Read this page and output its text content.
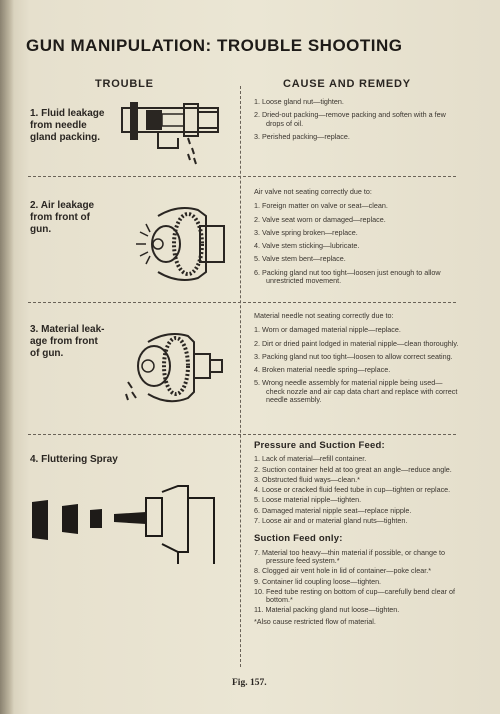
GUN MANIPULATION: TROUBLE SHOOTING
TROUBLE	CAUSE AND REMEDY
1. Fluid leakage
from needle
gland packing.
1. Loose gland nut—tighten.
2. Dried-out packing—remove packing and soften with a few drops of oil.
3. Perished packing—replace.
2. Air leakage
from front of
gun.
Air valve not seating correctly due to:
1. Foreign matter on valve or seat—clean.
2. Valve seat worn or damaged—replace.
3. Valve spring broken—replace.
4. Valve stem sticking—lubricate.
5. Valve stem bent—replace.
6. Packing gland nut too tight—loosen just enough to allow unrestricted movement.
3. Material leak-
age from front
of gun.
Material needle not seating correctly due to:
1. Worn or damaged material nipple—replace.
2. Dirt or dried paint lodged in material nipple—clean thoroughly.
3. Packing gland nut too tight—loosen to allow correct seating.
4. Broken material needle spring—replace.
5. Wrong needle assembly for material nipple being used—check nozzle and air cap data chart and replace with correct needle assembly.
4. Fluttering Spray
Pressure and Suction Feed:
1. Lack of material—refill container.
2. Suction container held at too great an angle—reduce angle.
3. Obstructed fluid ways—clean.*
4. Loose or cracked fluid feed tube in cup—tighten or replace.
5. Loose material nipple—tighten.
6. Damaged material nipple seat—replace nipple.
7. Loose air and or material gland nuts—tighten.
Suction Feed only:
7. Material too heavy—thin material if possible, or change to pressure feed system.*
8. Clogged air vent hole in lid of container—poke clear.*
9. Container lid coupling loose—tighten.
10. Feed tube resting on bottom of cup—carefully bend clear of bottom.*
11. Material packing gland nut loose—tighten.
*Also cause restricted flow of material.
Fig. 157.
